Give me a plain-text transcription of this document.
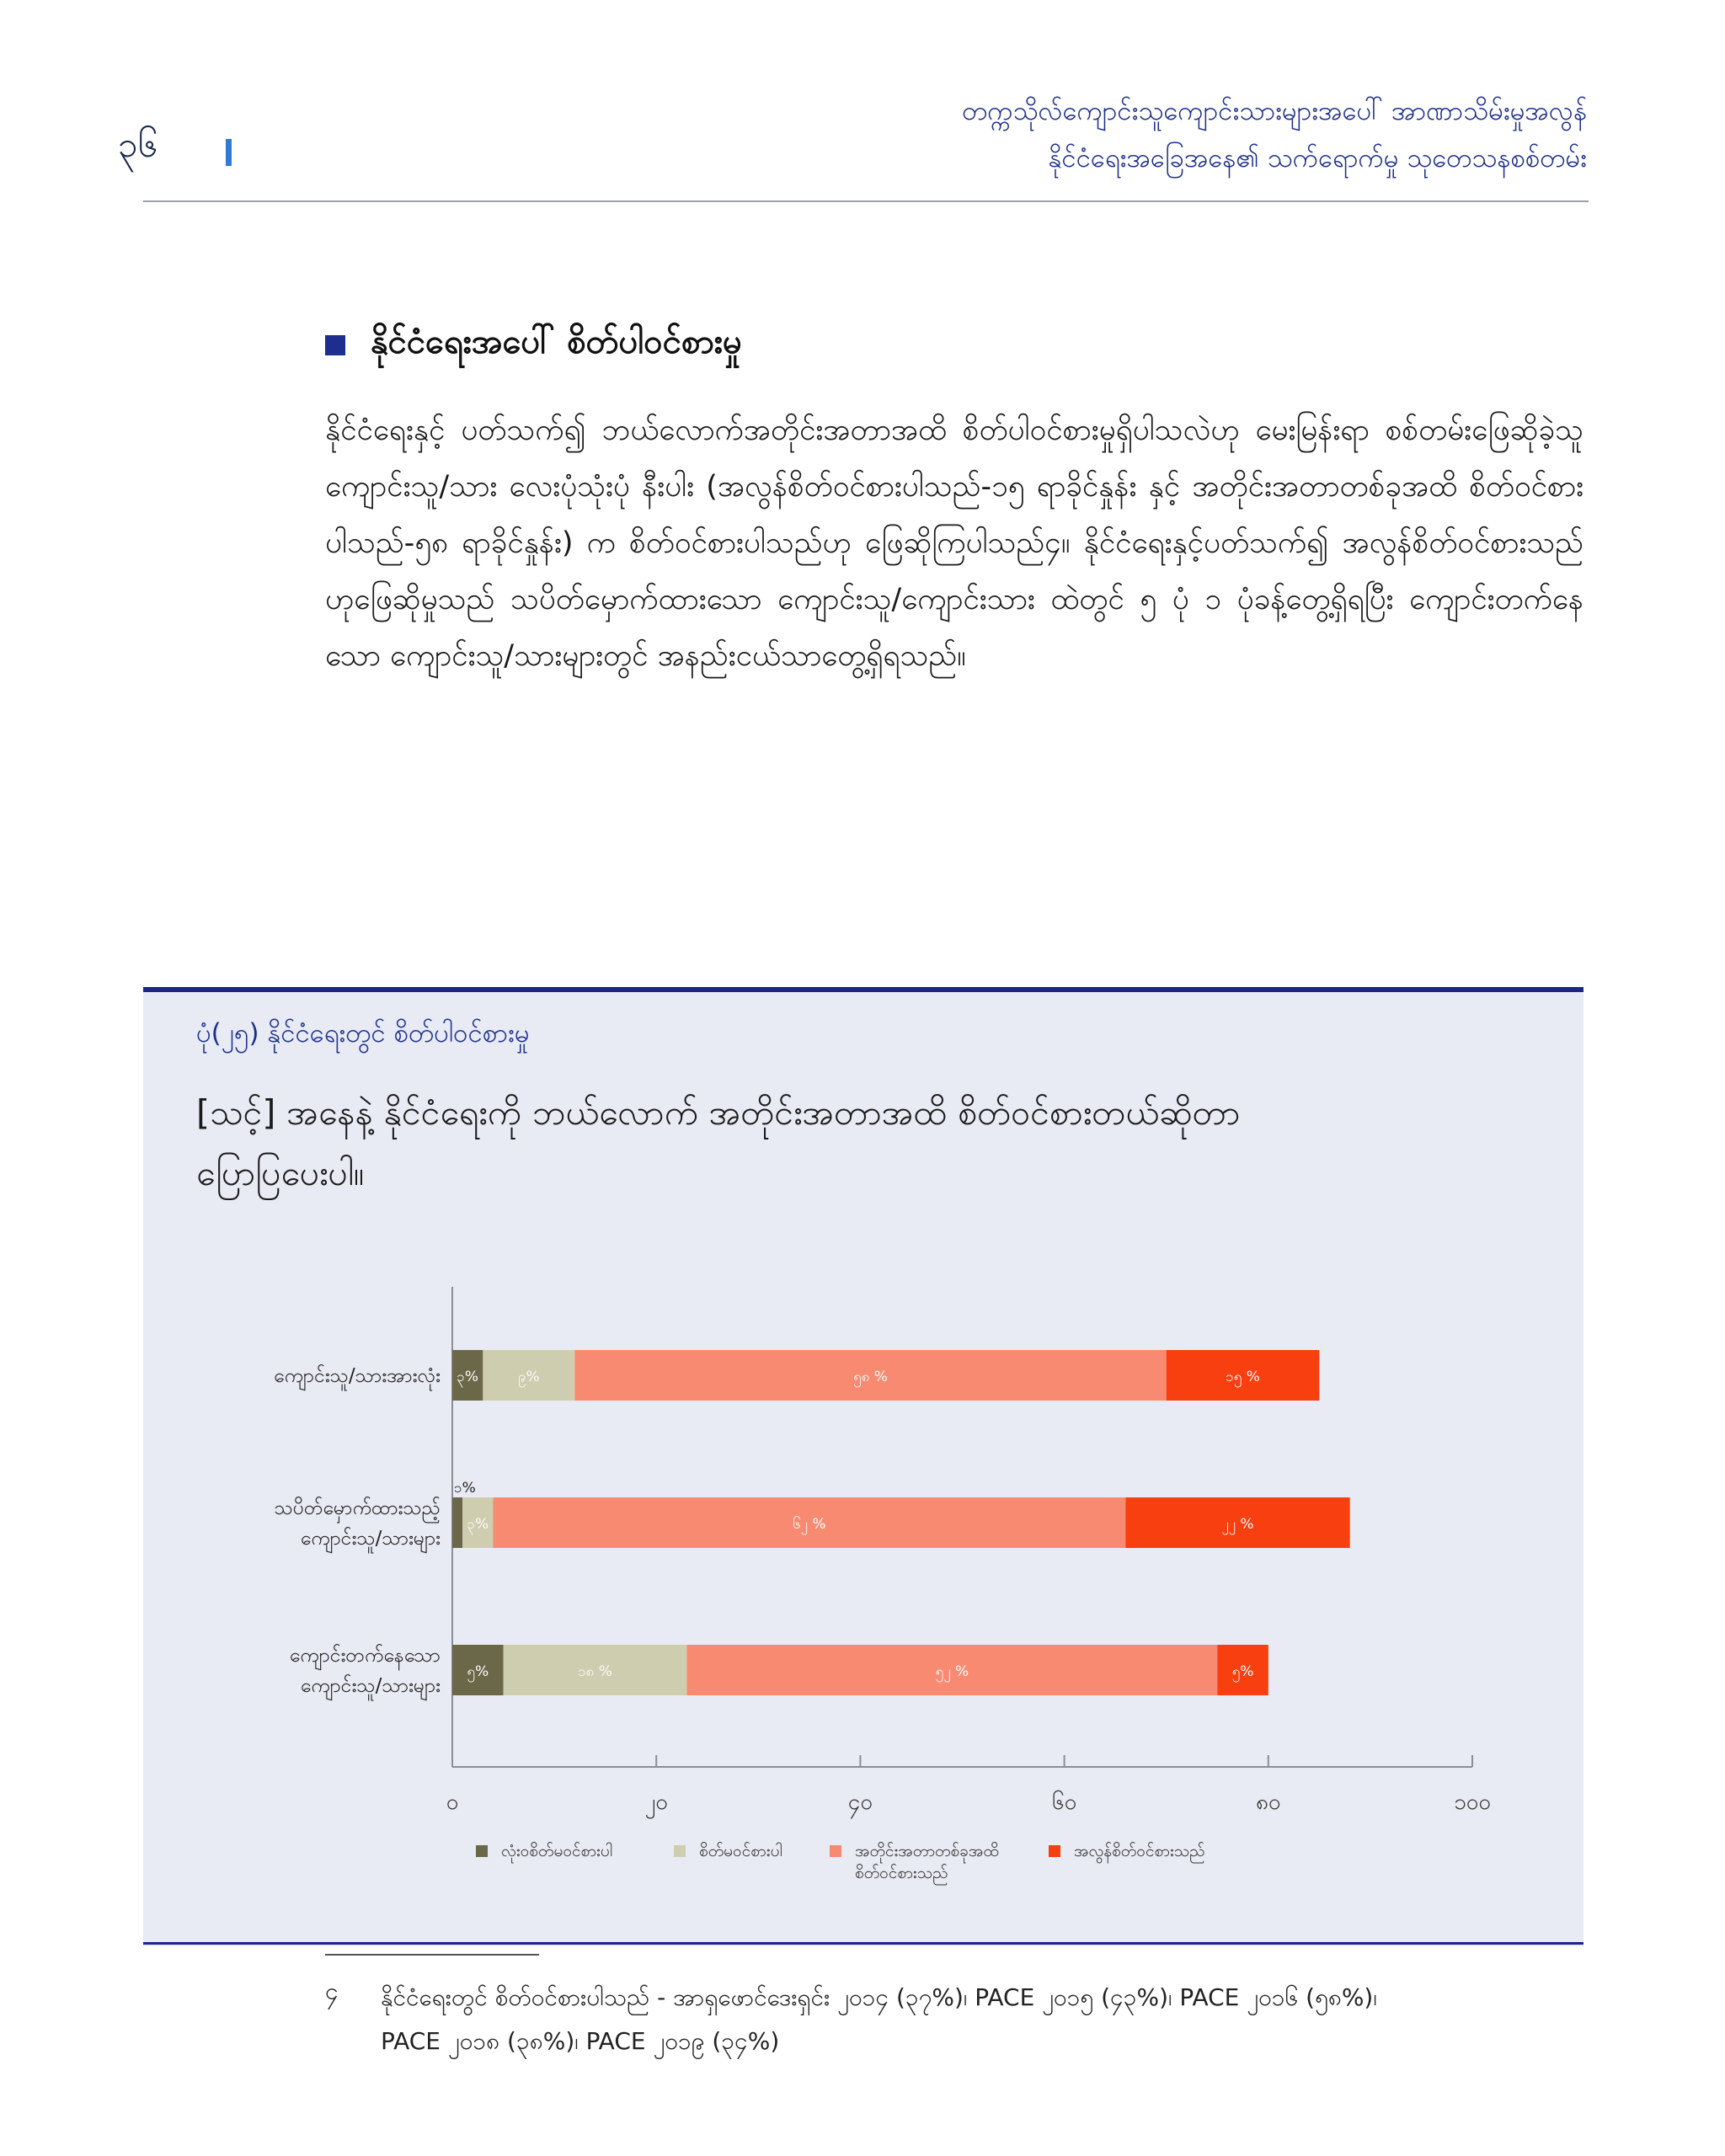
၃၆
တက္ကသိုလ်ကျောင်းသူကျောင်းသားများအပေါ် အာဏာသိမ်းမှုအလွန်
နိုင်ငံရေးအခြေအနေ၏ သက်ရောက်မှု သုတေသနစစ်တမ်း
နိုင်ငံရေးအပေါ် စိတ်ပါဝင်စားမှု
နိုင်ငံရေးနှင့် ပတ်သက်၍ ဘယ်လောက်အတိုင်းအတာအထိ စိတ်ပါဝင်စားမှုရှိပါသလဲဟု မေးမြန်းရာ စစ်တမ်းဖြေဆိုခဲ့သူ ကျောင်းသူ/သား လေးပုံသုံးပုံ နီးပါး (အလွန်စိတ်ဝင်စားပါသည်-၁၅ ရာခိုင်နှုန်း နှင့် အတိုင်းအတာတစ်ခုအထိ စိတ်ဝင်စားပါသည်-၅၈ ရာခိုင်နှုန်း) က စိတ်ဝင်စားပါသည်ဟု ဖြေဆိုကြပါသည်၄။ နိုင်ငံရေးနှင့်ပတ်သက်၍ အလွန်စိတ်ဝင်စားသည်ဟုဖြေဆိုမှုသည် သပိတ်မှောက်ထားသော ကျောင်းသူ/ကျောင်းသား ထဲတွင် ၅ ပုံ ၁ ပုံခန့်တွေ့ရှိရပြီး ကျောင်းတက်နေသော ကျောင်းသူ/သားများတွင် အနည်းငယ်သာတွေ့ရှိရသည်။
ပုံ(၂၅) နိုင်ငံရေးတွင် စိတ်ပါဝင်စားမှု
[သင့်] အနေနဲ့ နိုင်ငံရေးကို ဘယ်လောက် အတိုင်းအတာအထိ စိတ်ဝင်စားတယ်ဆိုတာ
ပြောပြပေးပါ။
၀	၂၀	၄၀	၆၀	၈၀	၁၀၀
ကျောင်းသူ/သားအားလုံး
သပိတ်မှောက်ထားသည့်
ကျောင်းသူ/သားများ
ကျောင်းတက်နေသော
ကျောင်းသူ/သားများ
၃%	၉%	၅၈ %	၁၅ %
၁%
၃%	၆၂ %	၂၂ %
၅%	၁၈ %	၅၂ %	၅%
လုံးဝစိတ်မဝင်စားပါ	စိတ်မဝင်စားပါ	အတိုင်းအတာတစ်ခုအထိ စိတ်ဝင်စားသည်
အလွန်စိတ်ဝင်စားသည်
၄ နိုင်ငံရေးတွင် စိတ်ဝင်စားပါသည် - အာရှဖောင်ဒေးရှင်း ၂၀၁၄ (၃၇%)၊ PACE ၂၀၁၅ (၄၃%)၊ PACE ၂၀၁၆ (၅၈%)၊
PACE ၂၀၁၈ (၃၈%)၊ PACE ၂၀၁၉ (၃၄%)
